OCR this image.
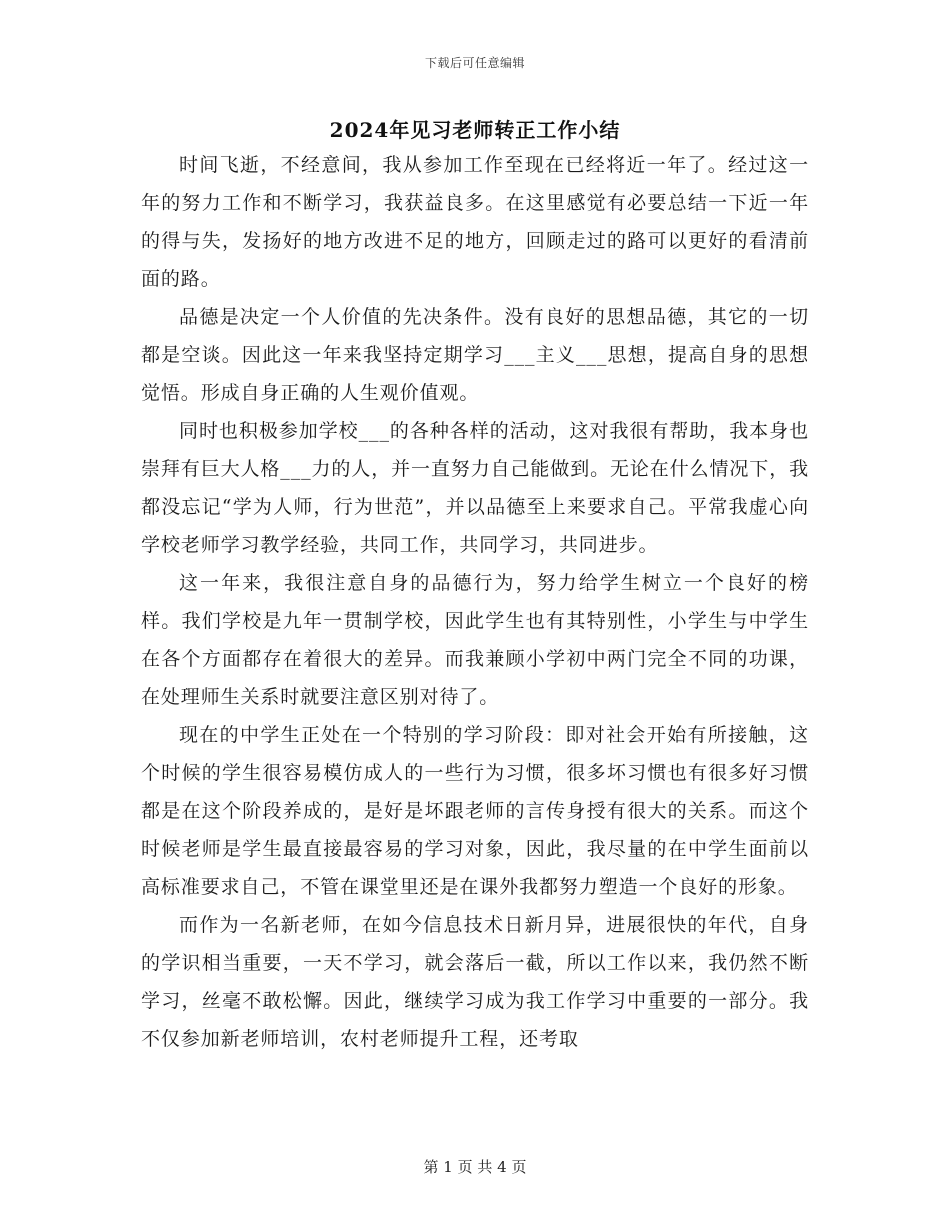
下载后可任意编辑
2024年见习老师转正工作小结

时间飞逝，不经意间，我从参加工作至现在已经将近一年了。经过这一年的努力工作和不断学习，我获益良多。在这里感觉有必要总结一下近一年的得与失，发扬好的地方改进不足的地方，回顾走过的路可以更好的看清前面的路。

品德是决定一个人价值的先决条件。没有良好的思想品德，其它的一切都是空谈。因此这一年来我坚持定期学习___主义___思想，提高自身的思想觉悟。形成自身正确的人生观价值观。

同时也积极参加学校___的各种各样的活动，这对我很有帮助，我本身也崇拜有巨大人格___力的人，并一直努力自己能做到。无论在什么情况下，我都没忘记“学为人师，行为世范”，并以品德至上来要求自己。平常我虚心向学校老师学习教学经验，共同工作，共同学习，共同进步。

这一年来，我很注意自身的品德行为，努力给学生树立一个良好的榜样。我们学校是九年一贯制学校，因此学生也有其特别性，小学生与中学生在各个方面都存在着很大的差异。而我兼顾小学初中两门完全不同的功课，在处理师生关系时就要注意区别对待了。

现在的中学生正处在一个特别的学习阶段：即对社会开始有所接触，这个时候的学生很容易模仿成人的一些行为习惯，很多坏习惯也有很多好习惯都是在这个阶段养成的，是好是坏跟老师的言传身授有很大的关系。而这个时候老师是学生最直接最容易的学习对象，因此，我尽量的在中学生面前以高标准要求自己，不管在课堂里还是在课外我都努力塑造一个良好的形象。

而作为一名新老师，在如今信息技术日新月异，进展很快的年代，自身的学识相当重要，一天不学习，就会落后一截，所以工作以来，我仍然不断学习，丝毫不敢松懈。因此，继续学习成为我工作学习中重要的一部分。我不仅参加新老师培训，农村老师提升工程，还考取

第 1 页 共 4 页
